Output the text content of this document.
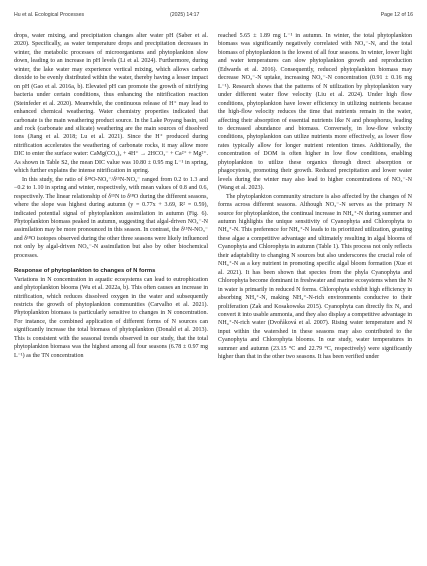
Hu et al. Ecological Processes	(2025) 14:17	Page 12 of 16

drops, water mixing, and precipitation changes alter water pH (Saber et al. 2020). Specifically, as water temperature drops and precipitation decreases in winter, the metabolic processes of microorganisms and phytoplankton slow down, leading to an increase in pH levels (Li et al. 2024). Furthermore, during winter, the lake water may experience vertical mixing, which allows carbon dioxide to be evenly distributed within the water, thereby having a lesser impact on pH (Gao et al. 2016a, b). Elevated pH can promote the growth of nitrifying bacteria under certain conditions, thus enhancing the nitrification reaction (Steinfeder et al. 2020). Meanwhile, the continuous release of H⁺ may lead to enhanced chemical weathering. Water chemistry properties indicated that carbonate is the main weathering product source. In the Lake Poyang basin, soil and rock (carbonate and silicate) weathering are the main sources of dissolved ions (Jiang et al. 2018; Lu et al. 2021). Since the H⁺ produced during nitrification accelerates the weathering of carbonate rocks, it may allow more DIC to enter the surface water: CaMg(CO₃)₂ + 4H⁺ → 2HCO₃⁻ + Ca²⁺ + Mg²⁺. As shown in Table S2, the mean DIC value was 10.80 ± 0.95 mg L⁻¹ in spring, which further explains the intense nitrification in spring.

In this study, the ratio of δ¹⁸O-NO₃⁻/δ¹⁵N-NO₃⁻ ranged from 0.2 to 1.3 and −0.2 to 1.10 in spring and winter, respectively, with mean values of 0.8 and 0.6, respectively. The linear relationship of δ¹⁵N to δ¹⁸O during the different seasons, where the slope was highest during autumn (y = 0.77x + 3.69, R² = 0.59), indicated potential signal of phytoplankton assimilation in autumn (Fig. 6). Phytoplankton biomass peaked in autumn, suggesting that algal-driven NO₃⁻-N assimilation may be more pronounced in this season. In contrast, the δ¹⁵N-NO₃⁻ and δ¹⁸O isotopes observed during the other three seasons were likely influenced not only by algal-driven NO₃⁻-N assimilation but also by other biochemical processes.

Response of phytoplankton to changes of N forms

Variations in N concentration in aquatic ecosystems can lead to eutrophication and phytoplankton blooms (Wu et al. 2022a, b). This often causes an increase in nitrification, which reduces dissolved oxygen in the water and subsequently restricts the growth of phytoplankton communities (Carvalho et al. 2021). Phytoplankton biomass is particularly sensitive to changes in N concentration. For instance, the combined application of different forms of N sources can significantly increase the total biomass of phytoplankton (Donald et al. 2013). This is consistent with the seasonal trends observed in our study, that the total phytoplankton biomass was the highest among all four seasons (6.78 ± 0.97 mg L⁻¹) as the TN concentration

reached 5.65 ± 1.89 mg L⁻¹ in autumn. In winter, the total phytoplankton biomass was significantly negatively correlated with NO₃⁻-N, and the total biomass of phytoplankton is the lowest of all four seasons. In winter, lower light and water temperatures can slow phytoplankton growth and reproduction (Edwards et al. 2016). Consequently, reduced phytoplankton biomass may decrease NO₃⁻-N uptake, increasing NO₃⁻-N concentration (0.91 ± 0.16 mg L⁻¹). Research shows that the patterns of N utilization by phytoplankton vary under different water flow velocity (Liu et al. 2024). Under high flow conditions, phytoplankton have lower efficiency in utilizing nutrients because the high-flow velocity reduces the time that nutrients remain in the water, affecting their absorption of essential nutrients like N and phosphorus, leading to decreased abundance and biomass. Conversely, in low-flow velocity conditions, phytoplankton can utilize nutrients more effectively, as lower flow rates typically allow for longer nutrient retention times. Additionally, the concentration of DOM is often higher in low flow conditions, enabling phytoplankton to utilize these organics through direct absorption or phagocytosis, promoting their growth. Reduced precipitation and lower water levels during the winter may also lead to higher concentrations of NO₃⁻-N (Wang et al. 2023).

The phytoplankton community structure is also affected by the changes of N forms across different seasons. Although NO₃⁻-N serves as the primary N source for phytoplankton, the continual increase in NH₄⁺-N during summer and autumn highlights the unique sensitivity of Cyanophyta and Chlorophyta to NH₄⁺-N. This preference for NH₄⁺-N leads to its prioritized utilization, granting these algae a competitive advantage and ultimately resulting in algal blooms of Cyanophyta and Chlorophyta in autumn (Table 1). This process not only reflects their adaptability to changing N sources but also underscores the crucial role of NH₄⁺-N as a key nutrient in promoting specific algal bloom formation (Xue et al. 2021). It has been shown that species from the phyla Cyanophyta and Chlorophyta become dominant in freshwater and marine ecosystems when the N in water is primarily in reduced N forms. Chlorophyta exhibit high efficiency in absorbing NH₄⁺-N, making NH₄⁺-N-rich environments conducive to their proliferation (Zak and Kosakowska 2015). Cyanophyta can directly fix N₂ and convert it into usable ammonia, and they also display a competitive advantage in NH₄⁺-N-rich water (Dvořáková et al. 2007). Rising water temperature and N input within the watershed in these seasons may also contributed to the Cyanophyta and Chlorophyta blooms. In our study, water temperatures in summer and autumn (23.15 °C and 22.79 °C, respectively) were significantly higher than that in the other two seasons. It has been verified under
